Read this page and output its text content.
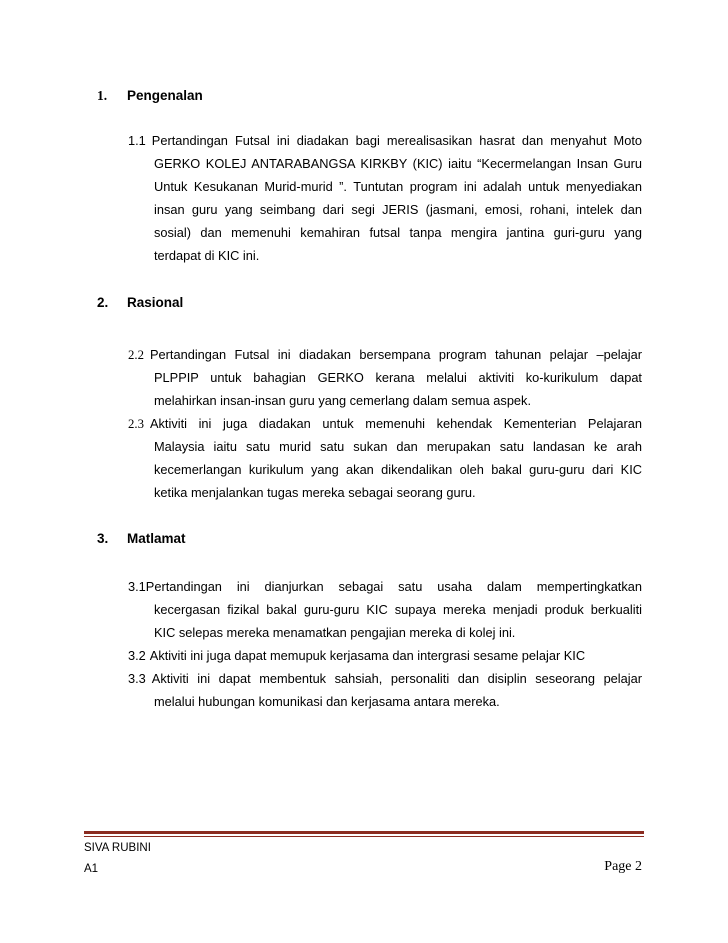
1. Pengenalan
1.1 Pertandingan Futsal ini diadakan bagi merealisasikan hasrat dan menyahut Moto
GERKO KOLEJ ANTARABANGSA KIRKBY (KIC) iaitu “Kecermelangan Insan Guru
Untuk Kesukanan Murid-murid ”. Tuntutan program ini adalah untuk menyediakan
insan guru yang seimbang dari segi JERIS (jasmani, emosi, rohani, intelek dan
sosial) dan memenuhi kemahiran futsal tanpa mengira jantina guri-guru yang
terdapat di KIC ini.
2. Rasional
2.2 Pertandingan Futsal ini diadakan bersempana program tahunan pelajar –pelajar
PLPPIP untuk bahagian GERKO kerana melalui aktiviti ko-kurikulum dapat
melahirkan insan-insan guru yang cemerlang dalam semua aspek.
2.3 Aktiviti ini juga diadakan untuk memenuhi kehendak Kementerian Pelajaran
Malaysia iaitu satu murid satu sukan dan merupakan satu landasan ke arah
kecemerlangan kurikulum yang akan dikendalikan oleh bakal guru-guru dari KIC
ketika menjalankan tugas mereka sebagai seorang guru.
3. Matlamat
3.1Pertandingan ini dianjurkan sebagai satu usaha dalam mempertingkatkan
kecergasan fizikal bakal guru-guru KIC supaya mereka menjadi produk berkualiti
KIC selepas mereka menamatkan pengajian mereka di kolej ini.
3.2 Aktiviti ini juga dapat memupuk kerjasama dan intergrasi sesame pelajar KIC
3.3 Aktiviti ini dapat membentuk sahsiah, personaliti dan disiplin seseorang pelajar
melalui hubungan komunikasi dan kerjasama antara mereka.
SIVA RUBINI
A1	Page 2
